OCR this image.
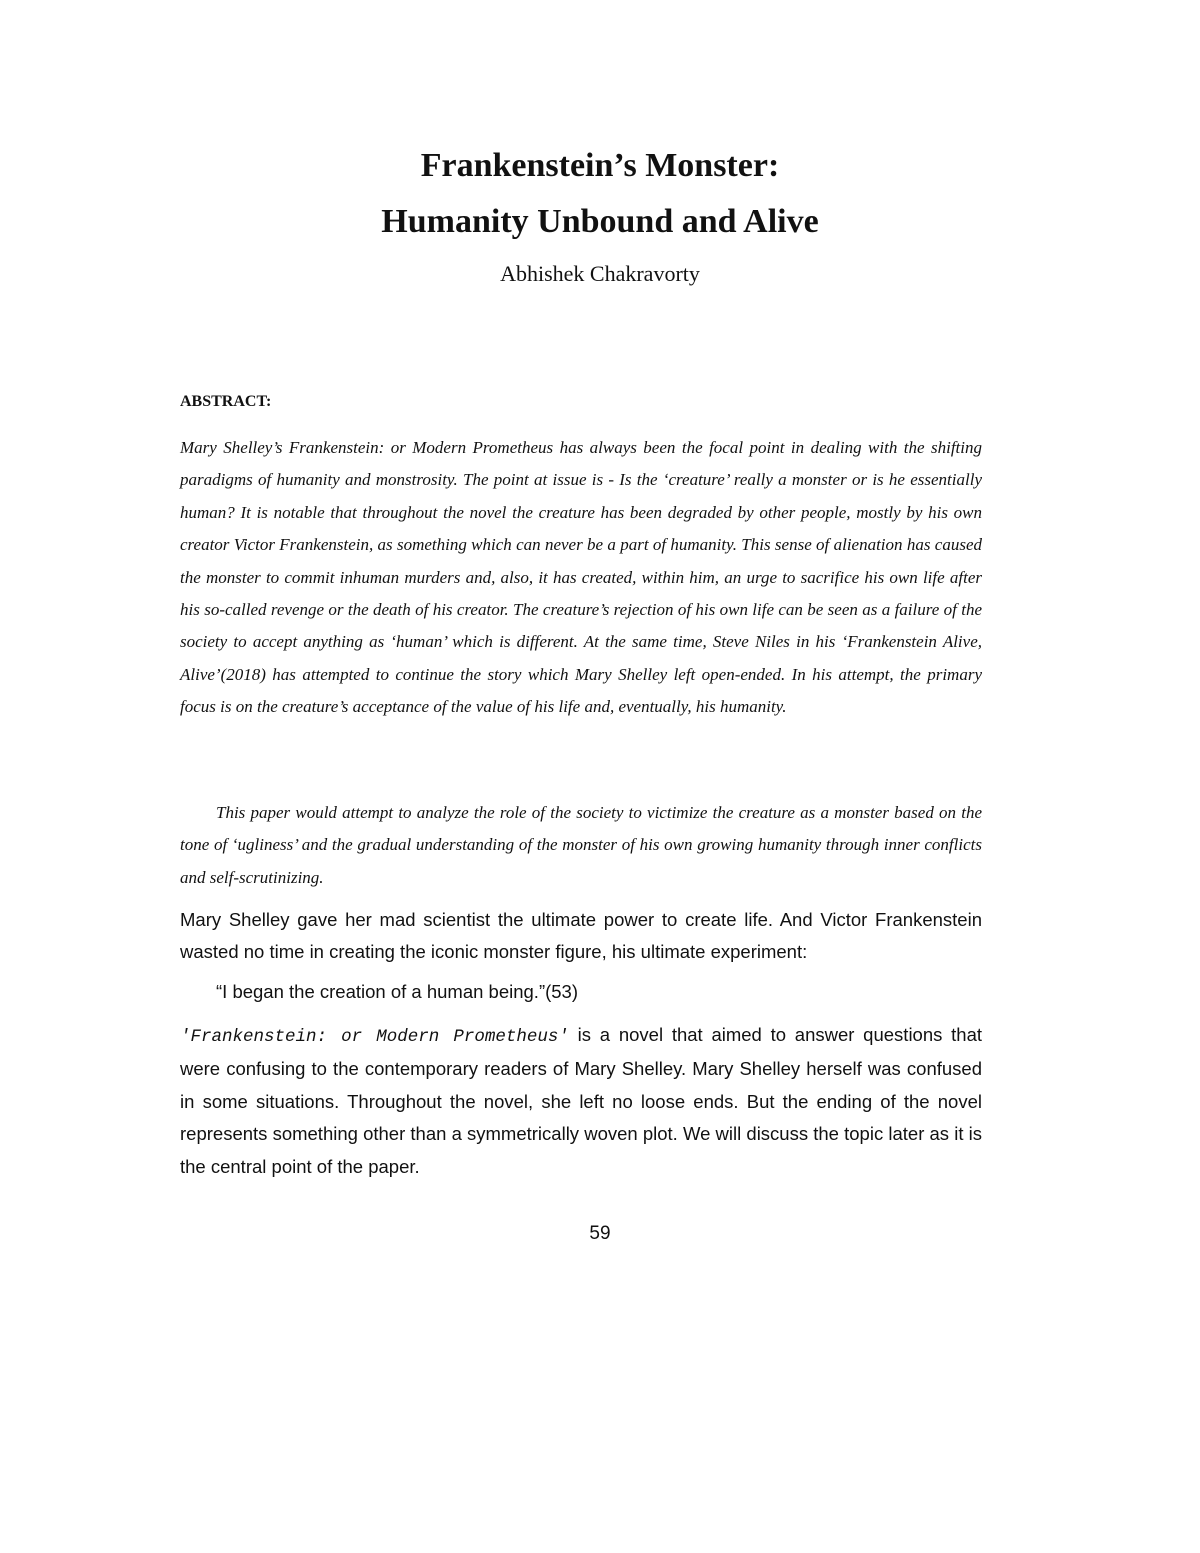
Frankenstein’s Monster:
Humanity Unbound and Alive

Abhishek Chakravorty

ABSTRACT:

Mary Shelley’s Frankenstein: or Modern Prometheus has always been the focal point in dealing with the shifting paradigms of humanity and monstrosity. The point at issue is - Is the ‘creature’ really a monster or is he essentially human? It is notable that throughout the novel the creature has been degraded by other people, mostly by his own creator Victor Frankenstein, as something which can never be a part of humanity. This sense of alienation has caused the monster to commit inhuman murders and, also, it has created, within him, an urge to sacrifice his own life after his so-called revenge or the death of his creator. The creature’s rejection of his own life can be seen as a failure of the society to accept anything as ‘human’ which is different. At the same time, Steve Niles in his ‘Frankenstein Alive, Alive’(2018) has attempted to continue the story which Mary Shelley left open-ended. In his attempt, the primary focus is on the creature’s acceptance of the value of his life and, eventually, his humanity.

This paper would attempt to analyze the role of the society to victimize the creature as a monster based on the tone of ‘ugliness’ and the gradual understanding of the monster of his own growing humanity through inner conflicts and self-scrutinizing.

Mary Shelley gave her mad scientist the ultimate power to create life. And Victor Frankenstein wasted no time in creating the iconic monster figure, his ultimate experiment:

“I began the creation of a human being.”(53)

'Frankenstein: or Modern Prometheus' is a novel that aimed to answer questions that were confusing to the contemporary readers of Mary Shelley. Mary Shelley herself was confused in some situations. Throughout the novel, she left no loose ends. But the ending of the novel represents something other than a symmetrically woven plot. We will discuss the topic later as it is the central point of the paper.

59
